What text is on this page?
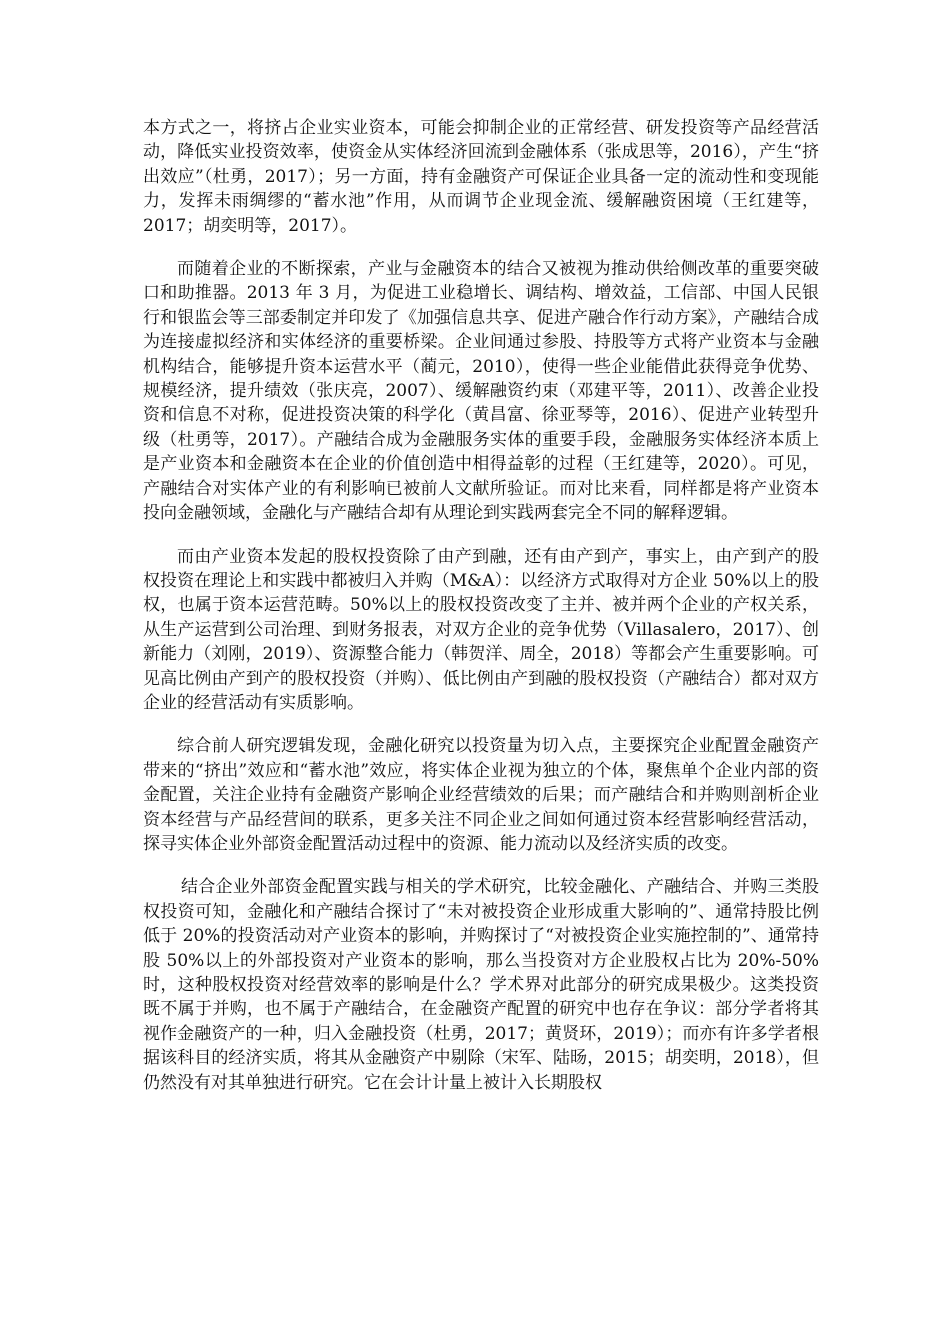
本方式之一，将挤占企业实业资本，可能会抑制企业的正常经营、研发投资等产品经营活动，降低实业投资效率，使资金从实体经济回流到金融体系（张成思等，2016），产生“挤出效应”（杜勇，2017）；另一方面，持有金融资产可保证企业具备一定的流动性和变现能力，发挥未雨绸缪的“蓄水池”作用，从而调节企业现金流、缓解融资困境（王红建等，2017；胡奕明等，2017）。

而随着企业的不断探索，产业与金融资本的结合又被视为推动供给侧改革的重要突破口和助推器。2013 年 3 月，为促进工业稳增长、调结构、增效益，工信部、中国人民银行和银监会等三部委制定并印发了《加强信息共享、促进产融合作行动方案》，产融结合成为连接虚拟经济和实体经济的重要桥梁。企业间通过参股、持股等方式将产业资本与金融机构结合，能够提升资本运营水平（蔺元，2010），使得一些企业能借此获得竞争优势、规模经济，提升绩效（张庆亮，2007）、缓解融资约束（邓建平等，2011）、改善企业投资和信息不对称，促进投资决策的科学化（黄昌富、徐亚琴等，2016）、促进产业转型升级（杜勇等，2017）。产融结合成为金融服务实体的重要手段，金融服务实体经济本质上是产业资本和金融资本在企业的价值创造中相得益彰的过程（王红建等，2020）。可见，产融结合对实体产业的有利影响已被前人文献所验证。而对比来看，同样都是将产业资本投向金融领域，金融化与产融结合却有从理论到实践两套完全不同的解释逻辑。

而由产业资本发起的股权投资除了由产到融，还有由产到产，事实上，由产到产的股权投资在理论上和实践中都被归入并购（M&A）：以经济方式取得对方企业 50%以上的股权，也属于资本运营范畴。50%以上的股权投资改变了主并、被并两个企业的产权关系，从生产运营到公司治理、到财务报表，对双方企业的竞争优势（Villasalero，2017）、创新能力（刘刚，2019）、资源整合能力（韩贺洋、周全，2018）等都会产生重要影响。可见高比例由产到产的股权投资（并购）、低比例由产到融的股权投资（产融结合）都对双方企业的经营活动有实质影响。

综合前人研究逻辑发现，金融化研究以投资量为切入点，主要探究企业配置金融资产带来的“挤出”效应和“蓄水池”效应，将实体企业视为独立的个体，聚焦单个企业内部的资金配置，关注企业持有金融资产影响企业经营绩效的后果；而产融结合和并购则剖析企业资本经营与产品经营间的联系，更多关注不同企业之间如何通过资本经营影响经营活动，探寻实体企业外部资金配置活动过程中的资源、能力流动以及经济实质的改变。

结合企业外部资金配置实践与相关的学术研究，比较金融化、产融结合、并购三类股权投资可知，金融化和产融结合探讨了“未对被投资企业形成重大影响的”、通常持股比例低于 20%的投资活动对产业资本的影响，并购探讨了“对被投资企业实施控制的”、通常持股 50%以上的外部投资对产业资本的影响，那么当投资对方企业股权占比为 20%-50%时，这种股权投资对经营效率的影响是什么？学术界对此部分的研究成果极少。这类投资既不属于并购，也不属于产融结合，在金融资产配置的研究中也存在争议：部分学者将其视作金融资产的一种，归入金融投资（杜勇，2017；黄贤环，2019）；而亦有许多学者根据该科目的经济实质，将其从金融资产中剔除（宋军、陆旸，2015；胡奕明，2018），但仍然没有对其单独进行研究。它在会计计量上被计入长期股权
